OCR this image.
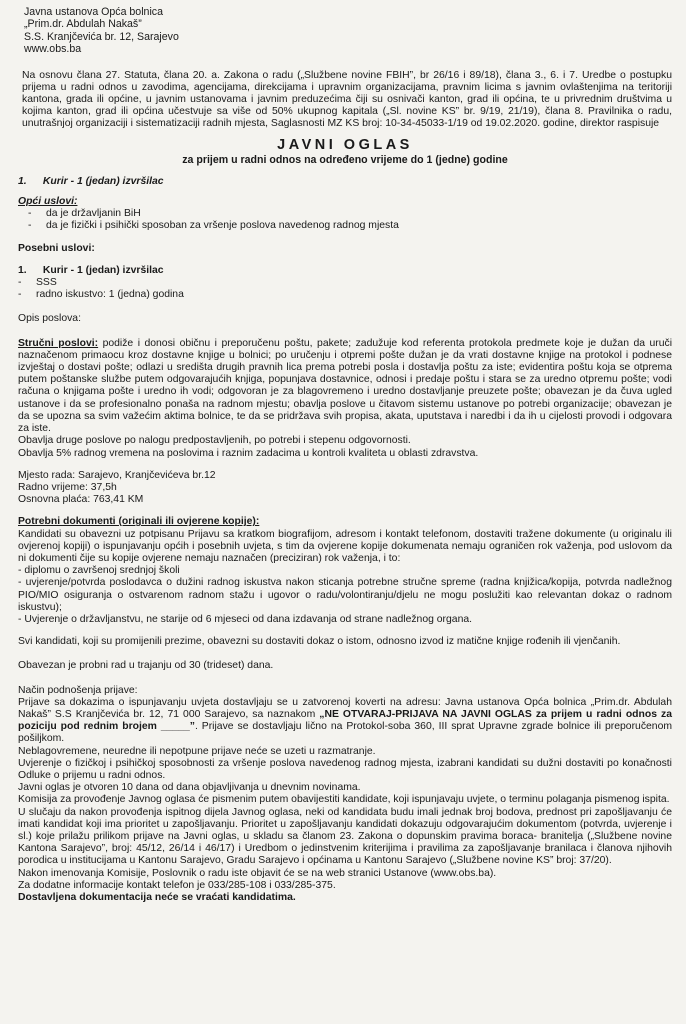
Javna ustanova Opća bolnica
„Prim.dr. Abdulah Nakaš”
S.S. Kranjčevića br. 12, Sarajevo
www.obs.ba

Na osnovu člana 27. Statuta, člana 20. a. Zakona o radu („Službene novine FBIH”, br 26/16 i 89/18), člana 3., 6. i 7. Uredbe o postupku prijema u radni odnos u zavodima, agencijama, direkcijama i upravnim organizacijama, pravnim licima s javnim ovlaštenjima na teritoriji kantona, grada ili općine, u javnim ustanovama i javnim preduzećima čiji su osnivači kanton, grad ili općina, te u privrednim društvima u kojima kanton, grad ili općina učestvuje sa više od 50% ukupnog kapitala („Sl. novine KS” br. 9/19, 21/19), člana 8. Pravilnika o radu, unutrašnjoj organizaciji i sistematizaciji radnih mjesta, Saglasnosti MZ KS broj: 10-34-45033-1/19 od 19.02.2020. godine, direktor raspisuje

JAVNI OGLAS
za prijem u radni odnos na određeno vrijeme do 1 (jedne) godine
1. Kurir - 1 (jedan) izvršilac
Opći uslovi:
- da je državljanin BiH
- da je fizički i psihički sposoban za vršenje poslova navedenog radnog mjesta
Posebni uslovi:
1. Kurir - 1 (jedan) izvršilac
- SSS
- radno iskustvo: 1 (jedna) godina
Opis poslova:

Stručni poslovi: podiže i donosi običnu i preporučenu poštu, pakete; zadužuje kod referenta protokola predmete koje je dužan da uruči naznačenom primaocu kroz dostavne knjige u bolnici; po uručenju i otpremi pošte dužan je da vrati dostavne knjige na protokol i podnese izvještaj o dostavi pošte; odlazi u središta drugih pravnih lica prema potrebi posla i dostavlja poštu za iste; evidentira poštu koja se otprema putem poštanske službe putem odgovarajućih knjiga, popunjava dostavnice, odnosi i predaje poštu i stara se za uredno otpremu pošte; vodi računa o knjigama pošte i uredno ih vodi; odgovoran je za blagovremeno i uredno dostavljanje preuzete pošte; obavezan je da čuva ugled ustanove i da se profesionalno ponaša na radnom mjestu; obavlja poslove u čitavom sistemu ustanove po potrebi organizacije; obavezan je da se upozna sa svim važećim aktima bolnice, te da se pridržava svih propisa, akata, uputstava i naredbi i da ih u cijelosti provodi i odgovara za iste.

Obavlja druge poslove po nalogu predpostavljenih, po potrebi i stepenu odgovornosti.

Obavlja 5% radnog vremena na poslovima i raznim zadacima u kontroli kvaliteta u oblasti zdravstva.

Mjesto rada: Sarajevo, Kranjčevićeva br.12
Radno vrijeme: 37,5h
Osnovna plaća: 763,41 KM
Potrebni dokumenti (originali ili ovjerene kopije):

Kandidati su obavezni uz potpisanu Prijavu sa kratkom biografijom, adresom i kontakt telefonom, dostaviti tražene dokumente (u originalu ili ovjerenoj kopiji) o ispunjavanju općih i posebnih uvjeta, s tim da ovjerene kopije dokumenata nemaju ograničen rok važenja, pod uslovom da ni dokumenti čije su kopije ovjerene nemaju naznačen (preciziran) rok važenja, i to:

- diplomu o završenoj srednjoj školi

- uvjerenje/potvrda poslodavca o dužini radnog iskustva nakon sticanja potrebne stručne spreme (radna knjižica/kopija, potvrda nadležnog PIO/MIO osiguranja o ostvarenom radnom stažu i ugovor o radu/volontiranju/djelu ne mogu poslužiti kao relevantan dokaz o radnom iskustvu);

- Uvjerenje o državljanstvu, ne starije od 6 mjeseci od dana izdavanja od strane nadležnog organa.

Svi kandidati, koji su promijenili prezime, obavezni su dostaviti dokaz o istom, odnosno izvod iz matične knjige rođenih ili vjenčanih.

Obavezan je probni rad u trajanju od 30 (trideset) dana.

Način podnošenja prijave:

Prijave sa dokazima o ispunjavanju uvjeta dostavljaju se u zatvorenoj koverti na adresu: Javna ustanova Opća bolnica „Prim.dr. Abdulah Nakaš” S.S Kranjčevića br. 12, 71 000 Sarajevo, sa naznakom „NE OTVARAJ-PRIJAVA NA JAVNI OGLAS za prijem u radni odnos za poziciju pod rednim brojem _____”. Prijave se dostavljaju lično na Protokol-soba 360, III sprat Upravne zgrade bolnice ili preporučenom pošiljkom.

Neblagovremene, neuredne ili nepotpune prijave neće se uzeti u razmatranje.

Uvjerenje o fizičkoj i psihičkoj sposobnosti za vršenje poslova navedenog radnog mjesta, izabrani kandidati su dužni dostaviti po konačnosti Odluke o prijemu u radni odnos.

Javni oglas je otvoren 10 dana od dana objavljivanja u dnevnim novinama.

Komisija za provođenje Javnog oglasa će pismenim putem obavijestiti kandidate, koji ispunjavaju uvjete, o terminu polaganja pismenog ispita.

U slučaju da nakon provođenja ispitnog dijela Javnog oglasa, neki od kandidata budu imali jednak broj bodova, prednost pri zapošljavanju će imati kandidat koji ima prioritet u zapošljavanju. Prioritet u zapošljavanju kandidati dokazuju odgovarajućim dokumentom (potvrda, uvjerenje i sl.) koje prilažu prilikom prijave na Javni oglas, u skladu sa članom 23. Zakona o dopunskim pravima boraca- branitelja („Službene novine Kantona Sarajevo”, broj: 45/12, 26/14 i 46/17) i Uredbom o jedinstvenim kriterijima i pravilima za zapošljavanje branilaca i članova njihovih porodica u institucijama u Kantonu Sarajevo, Gradu Sarajevo i općinama u Kantonu Sarajevo („Službene novine KS” broj: 37/20).

Nakon imenovanja Komisije, Poslovnik o radu iste objavit će se na web stranici Ustanove (www.obs.ba).

Za dodatne informacije kontakt telefon je 033/285-108 i 033/285-375.

Dostavljena dokumentacija neće se vraćati kandidatima.
